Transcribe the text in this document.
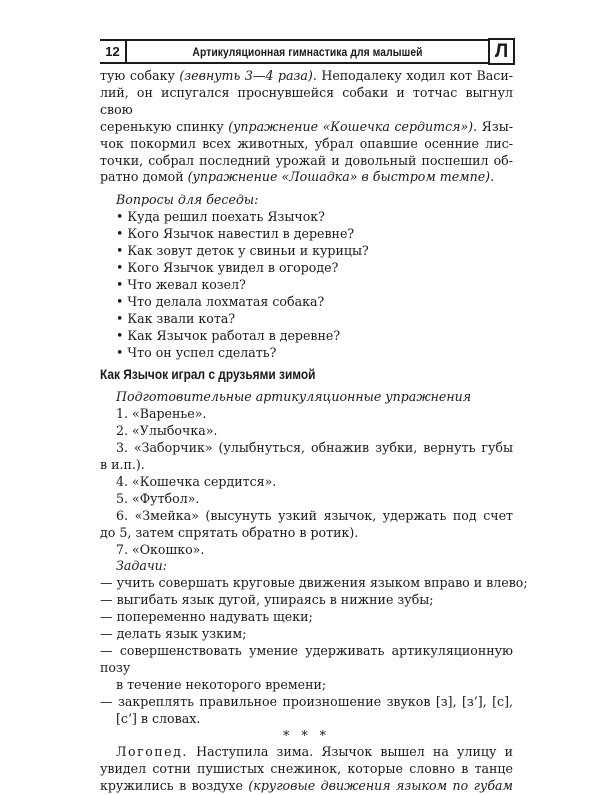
12	Артикуляционная гимнастика для малышей	Л

тую собаку (зевнуть 3—4 раза). Неподалеку ходил кот Васи-

лий, он испугался проснувшейся собаки и тотчас выгнул свою

серенькую спинку (упражнение «Кошечка сердится»). Язы-

чок покормил всех животных, убрал опавшие осенние лис-

точки, собрал последний урожай и довольный поспешил об-

ратно домой (упражнение «Лошадка» в быстром темпе).

Вопросы для беседы:

• Куда решил поехать Язычок?

• Кого Язычок навестил в деревне?

• Как зовут деток у свиньи и курицы?

• Кого Язычок увидел в огороде?

• Что жевал козел?

• Что делала лохматая собака?

• Как звали кота?

• Как Язычок работал в деревне?

• Что он успел сделать?

Как Язычок играл с друзьями зимой

Подготовительные артикуляционные упражнения

1. «Варенье».

2. «Улыбочка».

3. «Заборчик» (улыбнуться, обнажив зубки, вернуть губы

в и.п.).

4. «Кошечка сердится».

5. «Футбол».

6. «Змейка» (высунуть узкий язычок, удержать под счет

до 5, затем спрятать обратно в ротик).

7. «Окошко».

Задачи:

— учить совершать круговые движения языком вправо и влево;

— выгибать язык дугой, упираясь в нижние зубы;

— попеременно надувать щеки;

— делать язык узким;

— совершенствовать умение удерживать артикуляционную позу

в течение некоторого времени;

— закреплять правильное произношение звуков [з], [з’], [с],

[с’] в словах.

* * *

Логопед. Наступила зима. Язычок вышел на улицу и

увидел сотни пушистых снежинок, которые словно в танце

кружились в воздухе (круговые движения языком по губам
